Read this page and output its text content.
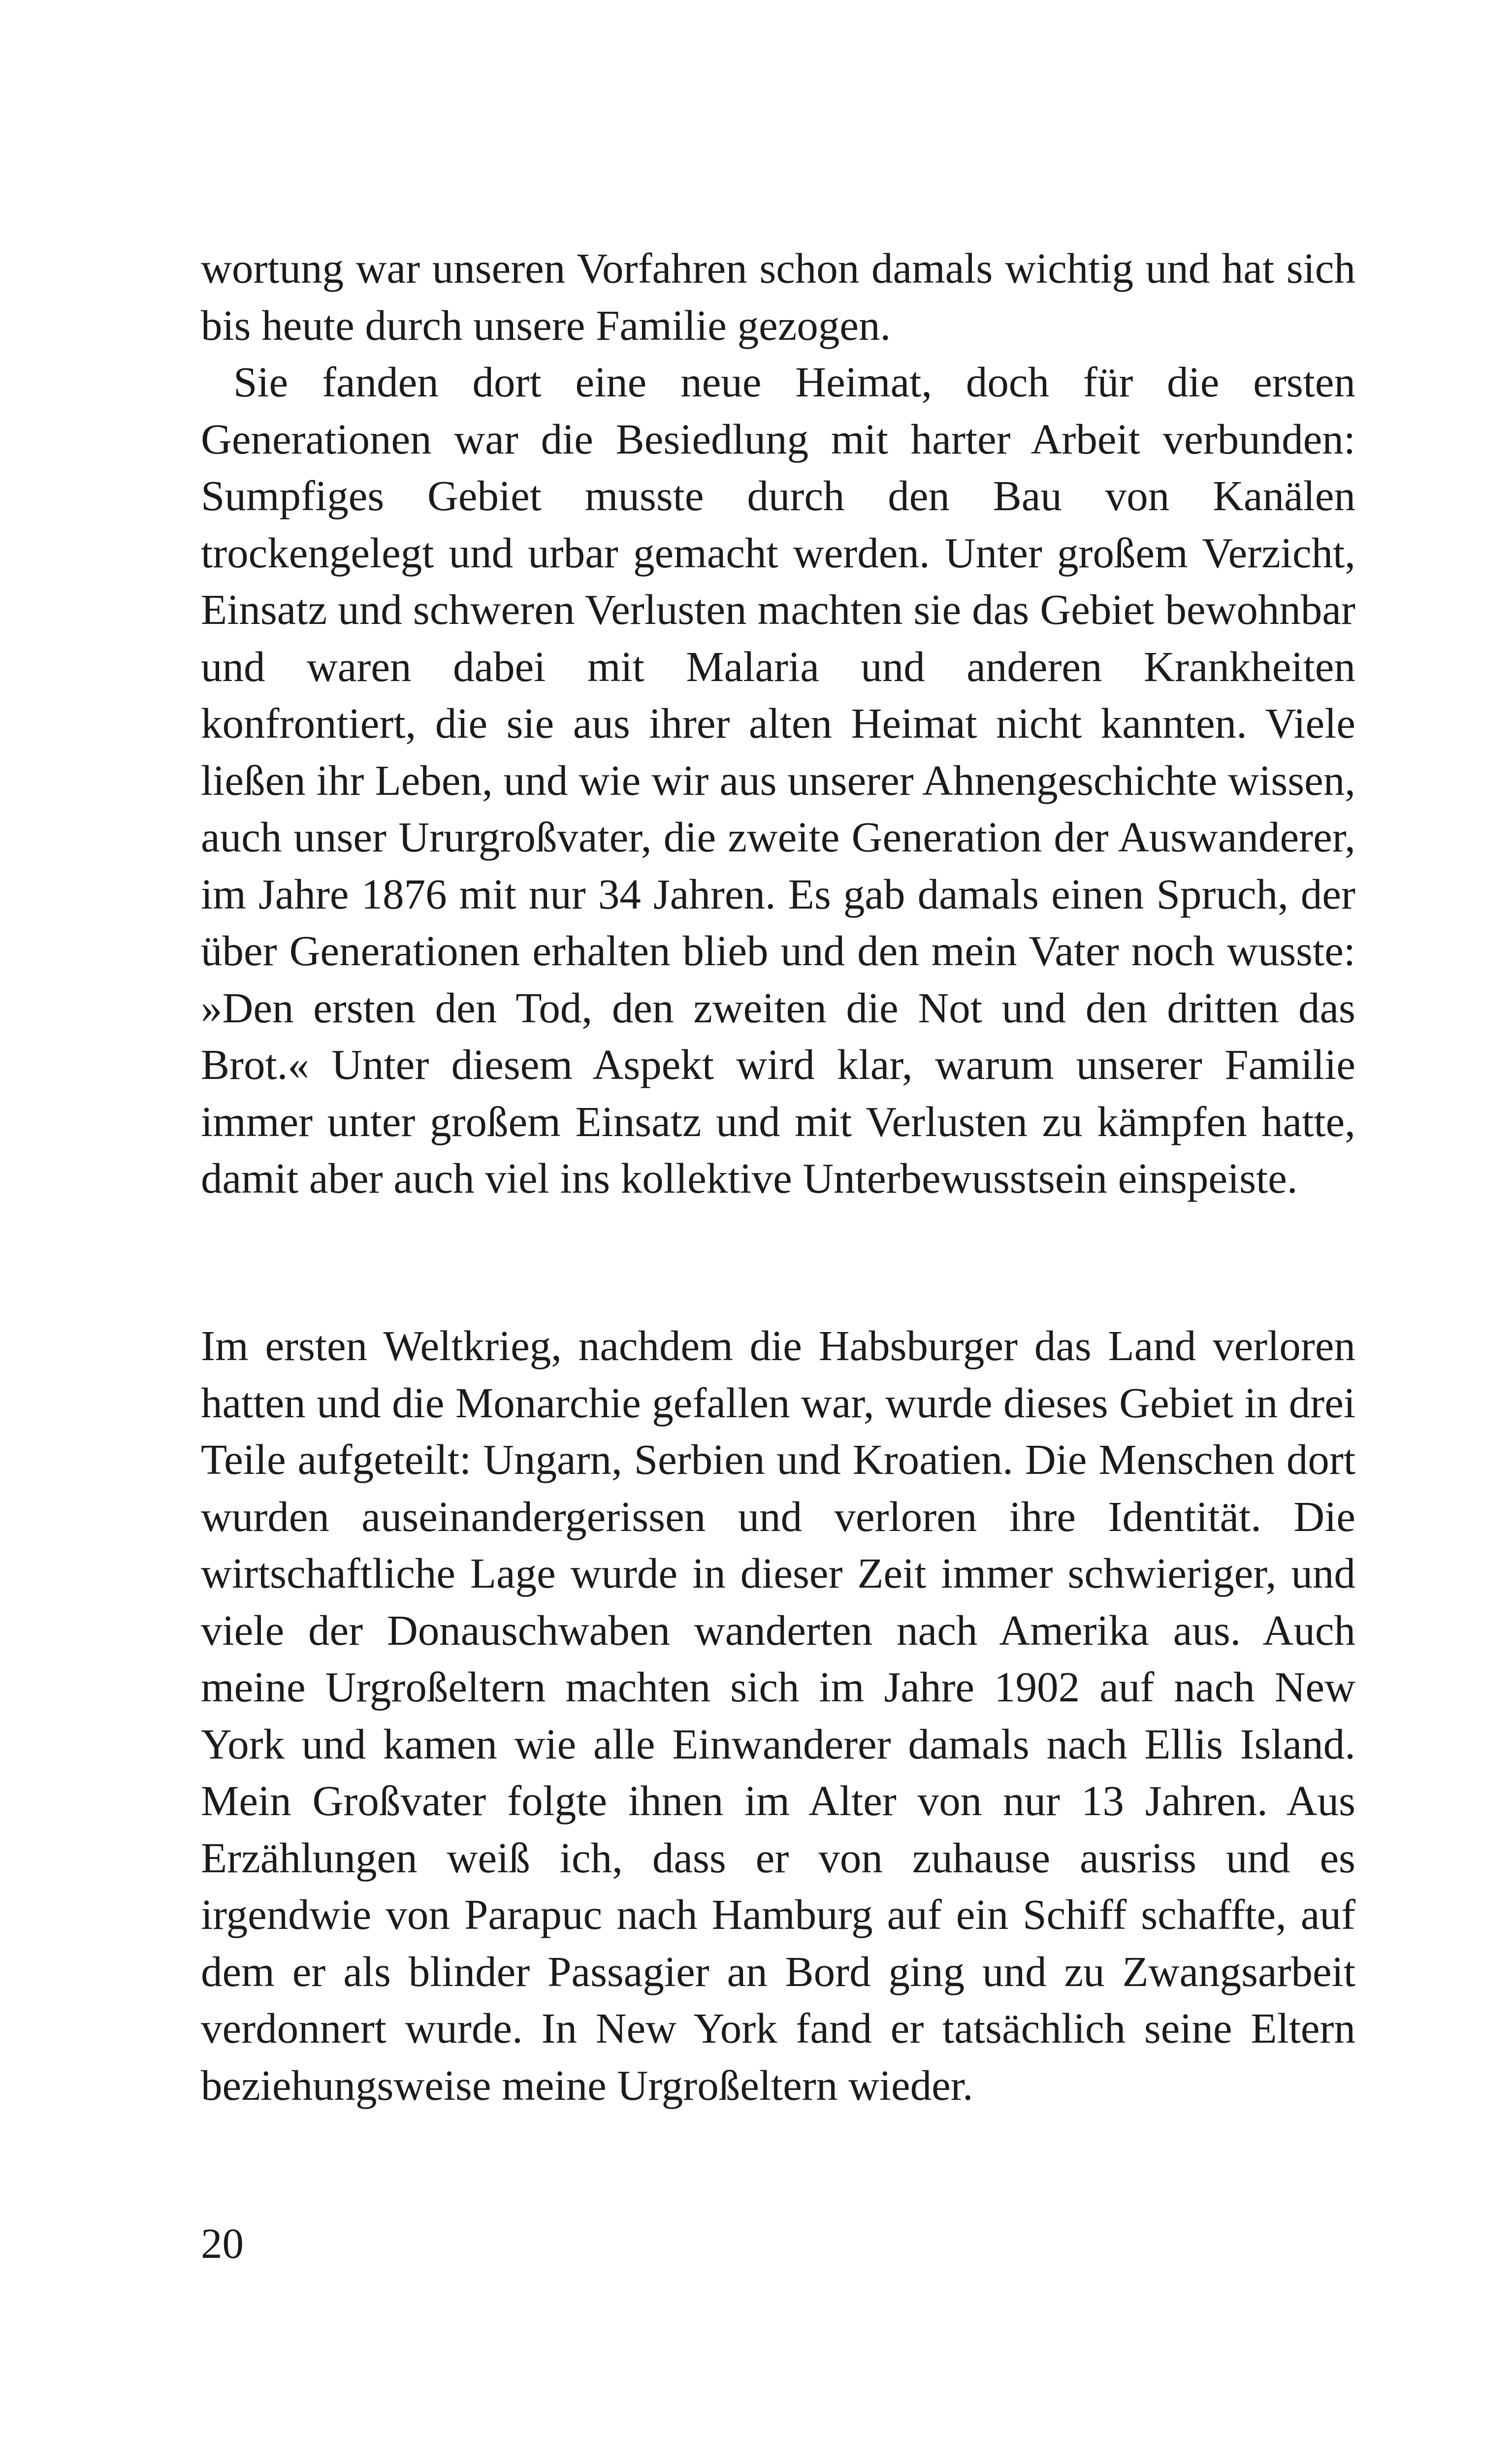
wortung war unseren Vorfahren schon damals wichtig und hat sich bis heute durch unsere Familie gezogen.

Sie fanden dort eine neue Heimat, doch für die ersten Generationen war die Besiedlung mit harter Arbeit verbunden: Sumpfiges Gebiet musste durch den Bau von Kanälen trockengelegt und urbar gemacht werden. Unter großem Verzicht, Einsatz und schweren Verlusten machten sie das Gebiet bewohnbar und waren dabei mit Malaria und anderen Krankheiten konfrontiert, die sie aus ihrer alten Heimat nicht kannten. Viele ließen ihr Leben, und wie wir aus unserer Ahnengeschichte wissen, auch unser Ururgroßvater, die zweite Generation der Auswanderer, im Jahre 1876 mit nur 34 Jahren. Es gab damals einen Spruch, der über Generationen erhalten blieb und den mein Vater noch wusste: »Den ersten den Tod, den zweiten die Not und den dritten das Brot.« Unter diesem Aspekt wird klar, warum unserer Familie immer unter großem Einsatz und mit Verlusten zu kämpfen hatte, damit aber auch viel ins kollektive Unterbewusstsein einspeiste.

Im ersten Weltkrieg, nachdem die Habsburger das Land verloren hatten und die Monarchie gefallen war, wurde dieses Gebiet in drei Teile aufgeteilt: Ungarn, Serbien und Kroatien. Die Menschen dort wurden auseinandergerissen und verloren ihre Identität. Die wirtschaftliche Lage wurde in dieser Zeit immer schwieriger, und viele der Donauschwaben wanderten nach Amerika aus. Auch meine Urgroßeltern machten sich im Jahre 1902 auf nach New York und kamen wie alle Einwanderer damals nach Ellis Island. Mein Großvater folgte ihnen im Alter von nur 13 Jahren. Aus Erzählungen weiß ich, dass er von zuhause ausriss und es irgendwie von Parapuc nach Hamburg auf ein Schiff schaffte, auf dem er als blinder Passagier an Bord ging und zu Zwangsarbeit verdonnert wurde. In New York fand er tatsächlich seine Eltern beziehungsweise meine Urgroßeltern wieder.

20
